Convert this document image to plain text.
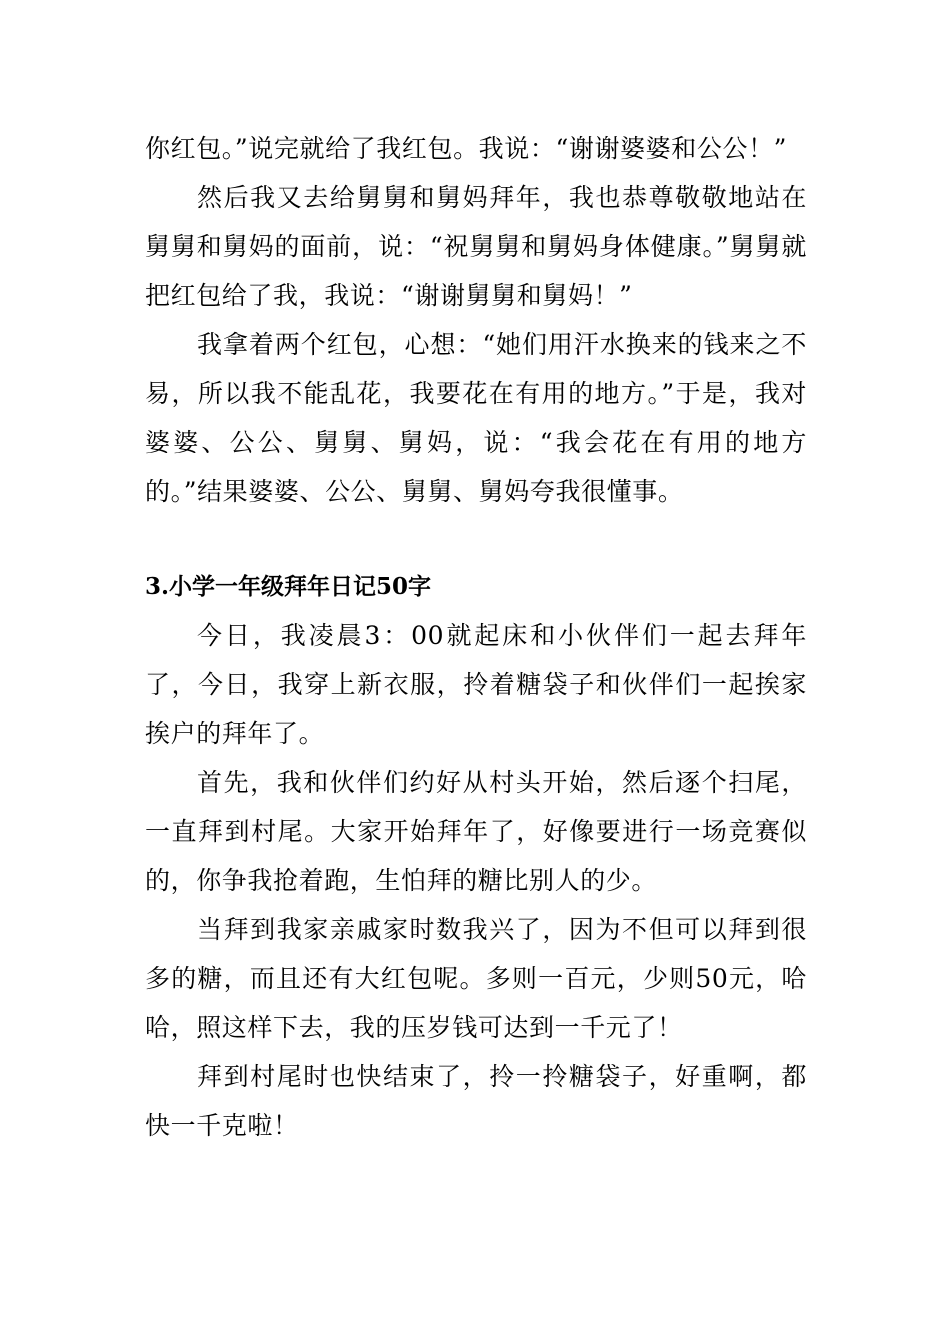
你红包。”说完就给了我红包。我说：“谢谢婆婆和公公！”

然后我又去给舅舅和舅妈拜年，我也恭尊敬敬地站在舅舅和舅妈的面前，说：“祝舅舅和舅妈身体健康。”舅舅就把红包给了我，我说：“谢谢舅舅和舅妈！”

我拿着两个红包，心想：“她们用汗水换来的钱来之不易，所以我不能乱花，我要花在有用的地方。”于是，我对婆婆、公公、舅舅、舅妈，说：“我会花在有用的地方的。”结果婆婆、公公、舅舅、舅妈夸我很懂事。

3.小学一年级拜年日记50字

今日，我凌晨3：00就起床和小伙伴们一起去拜年了，今日，我穿上新衣服，拎着糖袋子和伙伴们一起挨家挨户的拜年了。

首先，我和伙伴们约好从村头开始，然后逐个扫尾，一直拜到村尾。大家开始拜年了，好像要进行一场竞赛似的，你争我抢着跑，生怕拜的糖比别人的少。

当拜到我家亲戚家时数我兴了，因为不但可以拜到很多的糖，而且还有大红包呢。多则一百元，少则50元，哈哈，照这样下去，我的压岁钱可达到一千元了！

拜到村尾时也快结束了，拎一拎糖袋子，好重啊，都快一千克啦！
